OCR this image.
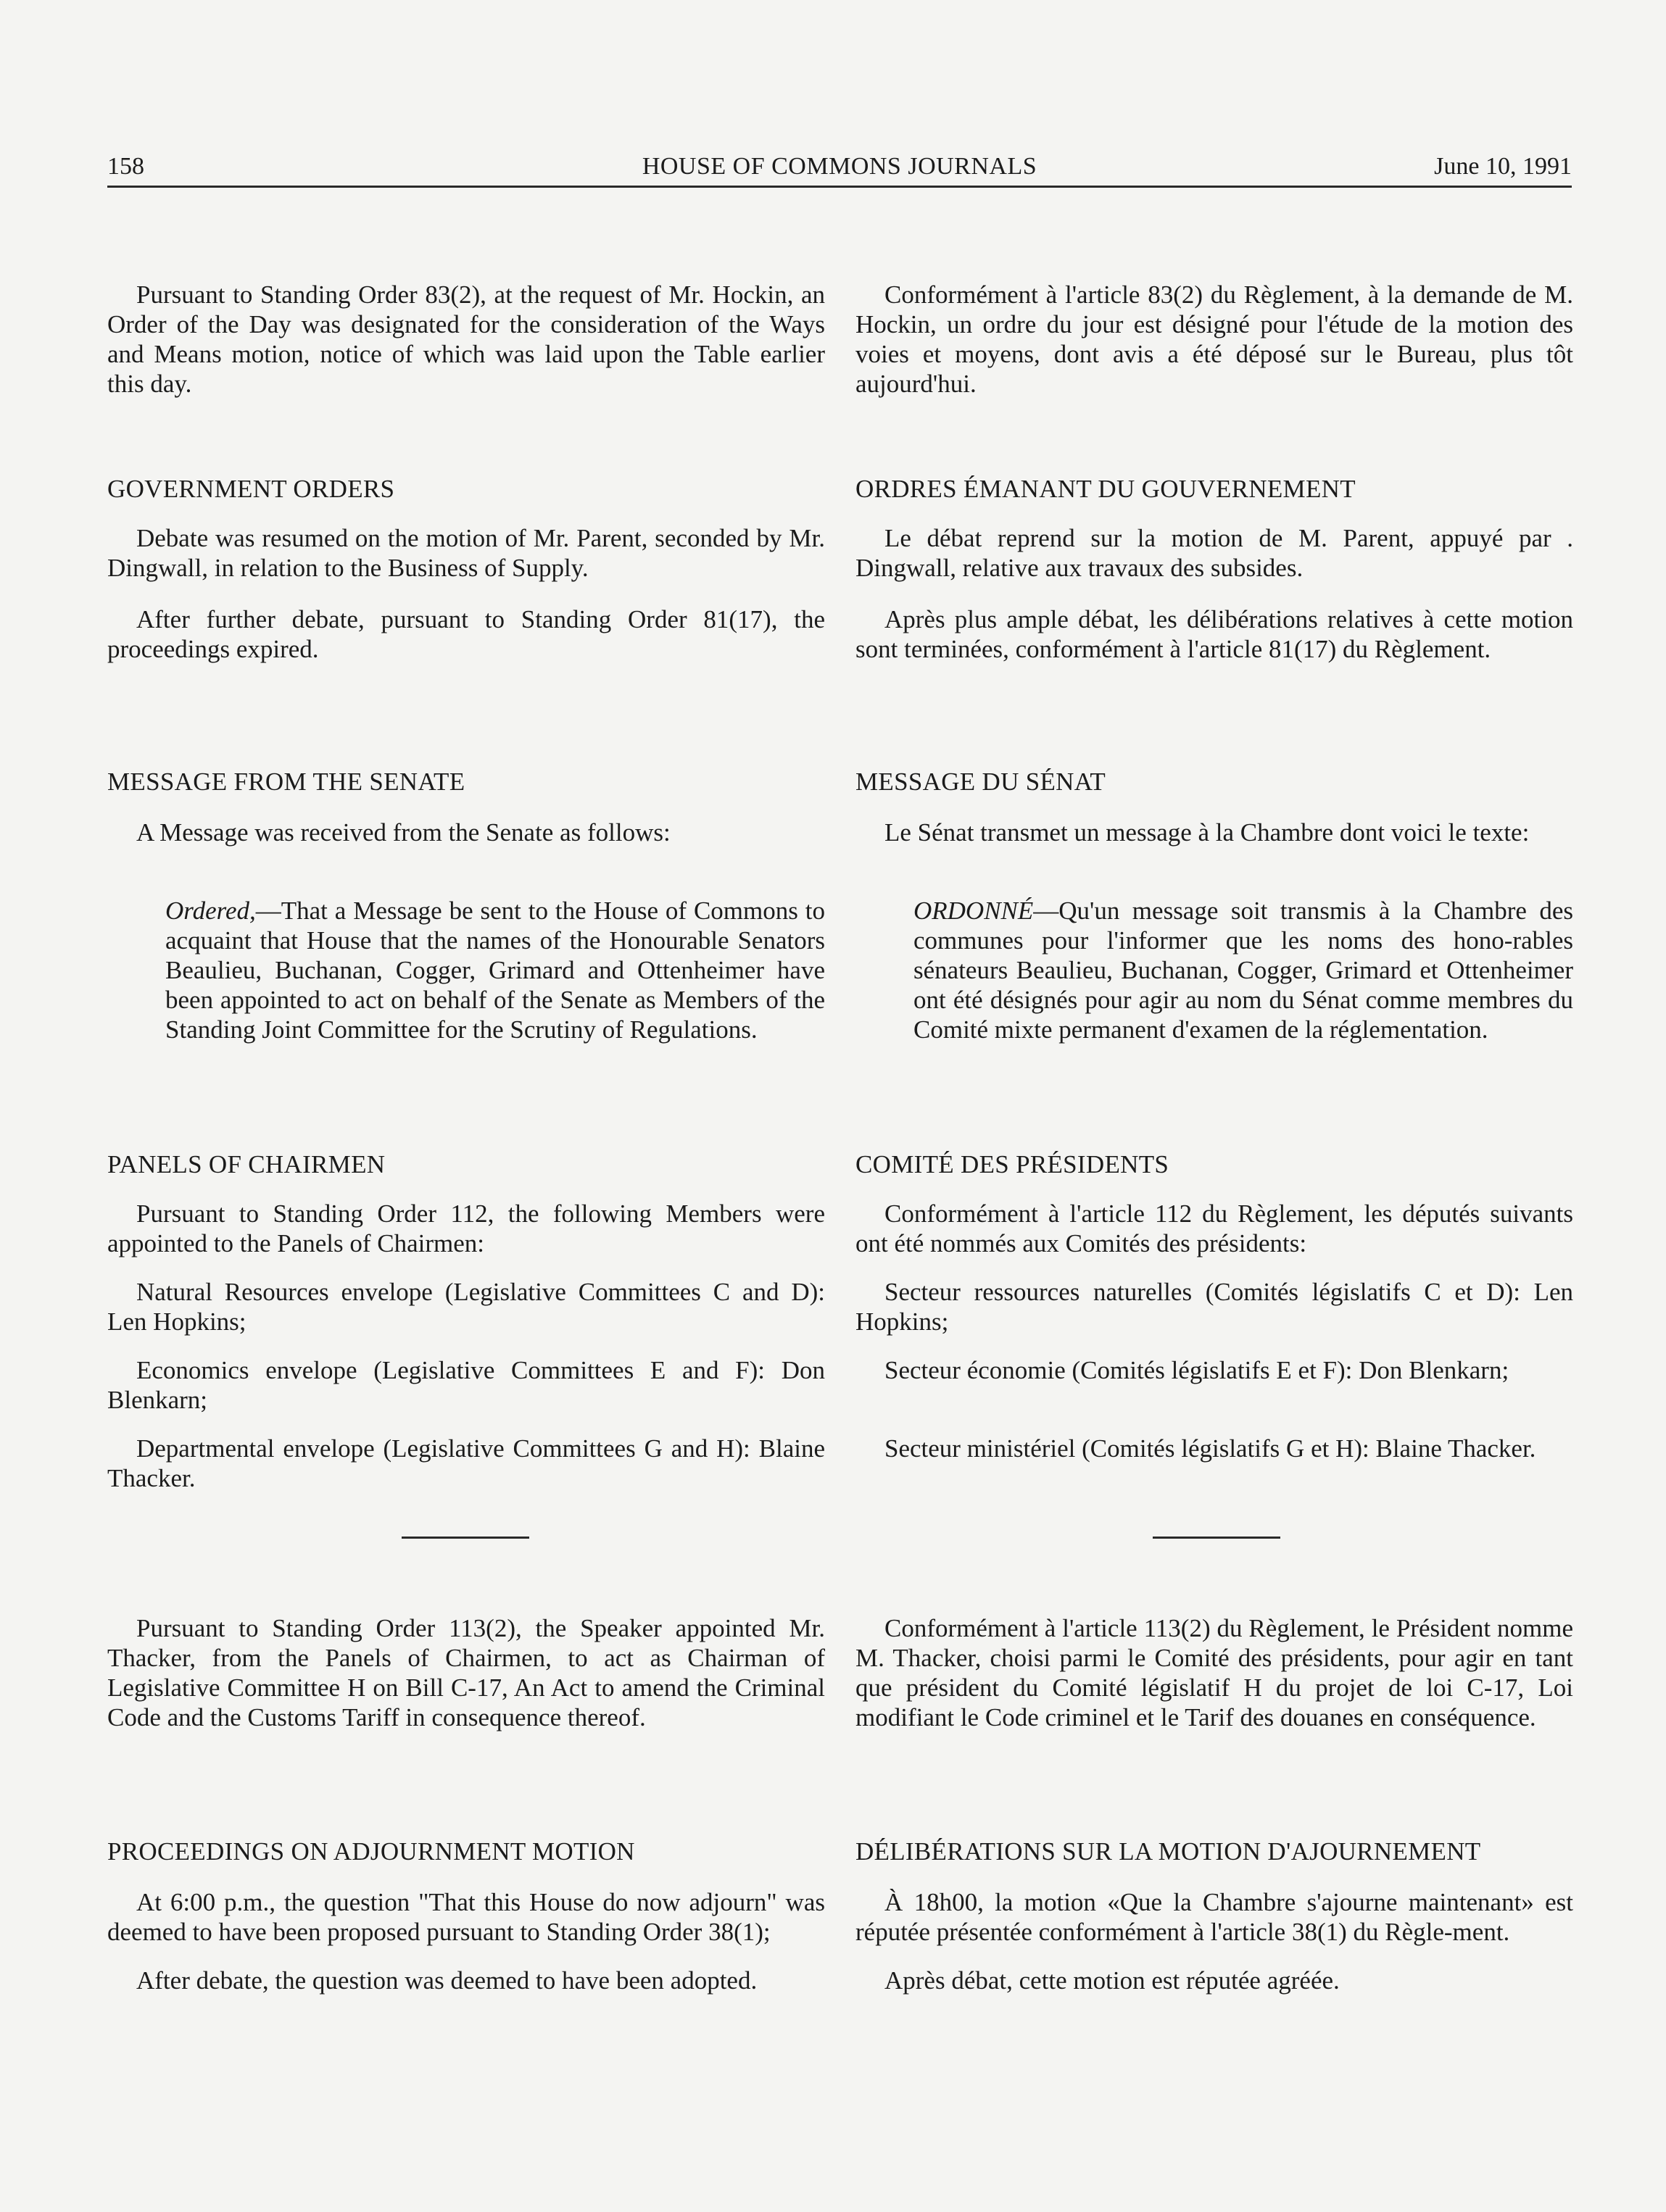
158	HOUSE OF COMMONS JOURNALS	June 10, 1991

Pursuant to Standing Order 83(2), at the request of Mr. Hockin, an Order of the Day was designated for the consideration of the Ways and Means motion, notice of which was laid upon the Table earlier this day.

GOVERNMENT ORDERS

Debate was resumed on the motion of Mr. Parent, seconded by Mr. Dingwall, in relation to the Business of Supply.

After further debate, pursuant to Standing Order 81(17), the proceedings expired.

MESSAGE FROM THE SENATE

A Message was received from the Senate as follows:

Ordered,—That a Message be sent to the House of Commons to acquaint that House that the names of the Honourable Senators Beaulieu, Buchanan, Cogger, Grimard and Ottenheimer have been appointed to act on behalf of the Senate as Members of the Standing Joint Committee for the Scrutiny of Regulations.

PANELS OF CHAIRMEN

Pursuant to Standing Order 112, the following Members were appointed to the Panels of Chairmen:

Natural Resources envelope (Legislative Committees C and D): Len Hopkins;

Economics envelope (Legislative Committees E and F): Don Blenkarn;

Departmental envelope (Legislative Committees G and H): Blaine Thacker.

Pursuant to Standing Order 113(2), the Speaker appointed Mr. Thacker, from the Panels of Chairmen, to act as Chairman of Legislative Committee H on Bill C-17, An Act to amend the Criminal Code and the Customs Tariff in consequence thereof.

PROCEEDINGS ON ADJOURNMENT MOTION

At 6:00 p.m., the question "That this House do now adjourn" was deemed to have been proposed pursuant to Standing Order 38(1);

After debate, the question was deemed to have been adopted.

Conformément à l'article 83(2) du Règlement, à la demande de M. Hockin, un ordre du jour est désigné pour l'étude de la motion des voies et moyens, dont avis a été déposé sur le Bureau, plus tôt aujourd'hui.

ORDRES ÉMANANT DU GOUVERNEMENT

Le débat reprend sur la motion de M. Parent, appuyé par . Dingwall, relative aux travaux des subsides.

Après plus ample débat, les délibérations relatives à cette motion sont terminées, conformément à l'article 81(17) du Règlement.

MESSAGE DU SÉNAT

Le Sénat transmet un message à la Chambre dont voici le texte:

ORDONNÉ—Qu'un message soit transmis à la Chambre des communes pour l'informer que les noms des hono-rables sénateurs Beaulieu, Buchanan, Cogger, Grimard et Ottenheimer ont été désignés pour agir au nom du Sénat comme membres du Comité mixte permanent d'examen de la réglementation.

COMITÉ DES PRÉSIDENTS

Conformément à l'article 112 du Règlement, les députés suivants ont été nommés aux Comités des présidents:

Secteur ressources naturelles (Comités législatifs C et D): Len Hopkins;

Secteur économie (Comités législatifs E et F): Don Blenkarn;

Secteur ministériel (Comités législatifs G et H): Blaine Thacker.

Conformément à l'article 113(2) du Règlement, le Président nomme M. Thacker, choisi parmi le Comité des présidents, pour agir en tant que président du Comité législatif H du projet de loi C-17, Loi modifiant le Code criminel et le Tarif des douanes en conséquence.

DÉLIBÉRATIONS SUR LA MOTION D'AJOURNEMENT

À 18h00, la motion «Que la Chambre s'ajourne maintenant» est réputée présentée conformément à l'article 38(1) du Règle-ment.

Après débat, cette motion est réputée agréée.
